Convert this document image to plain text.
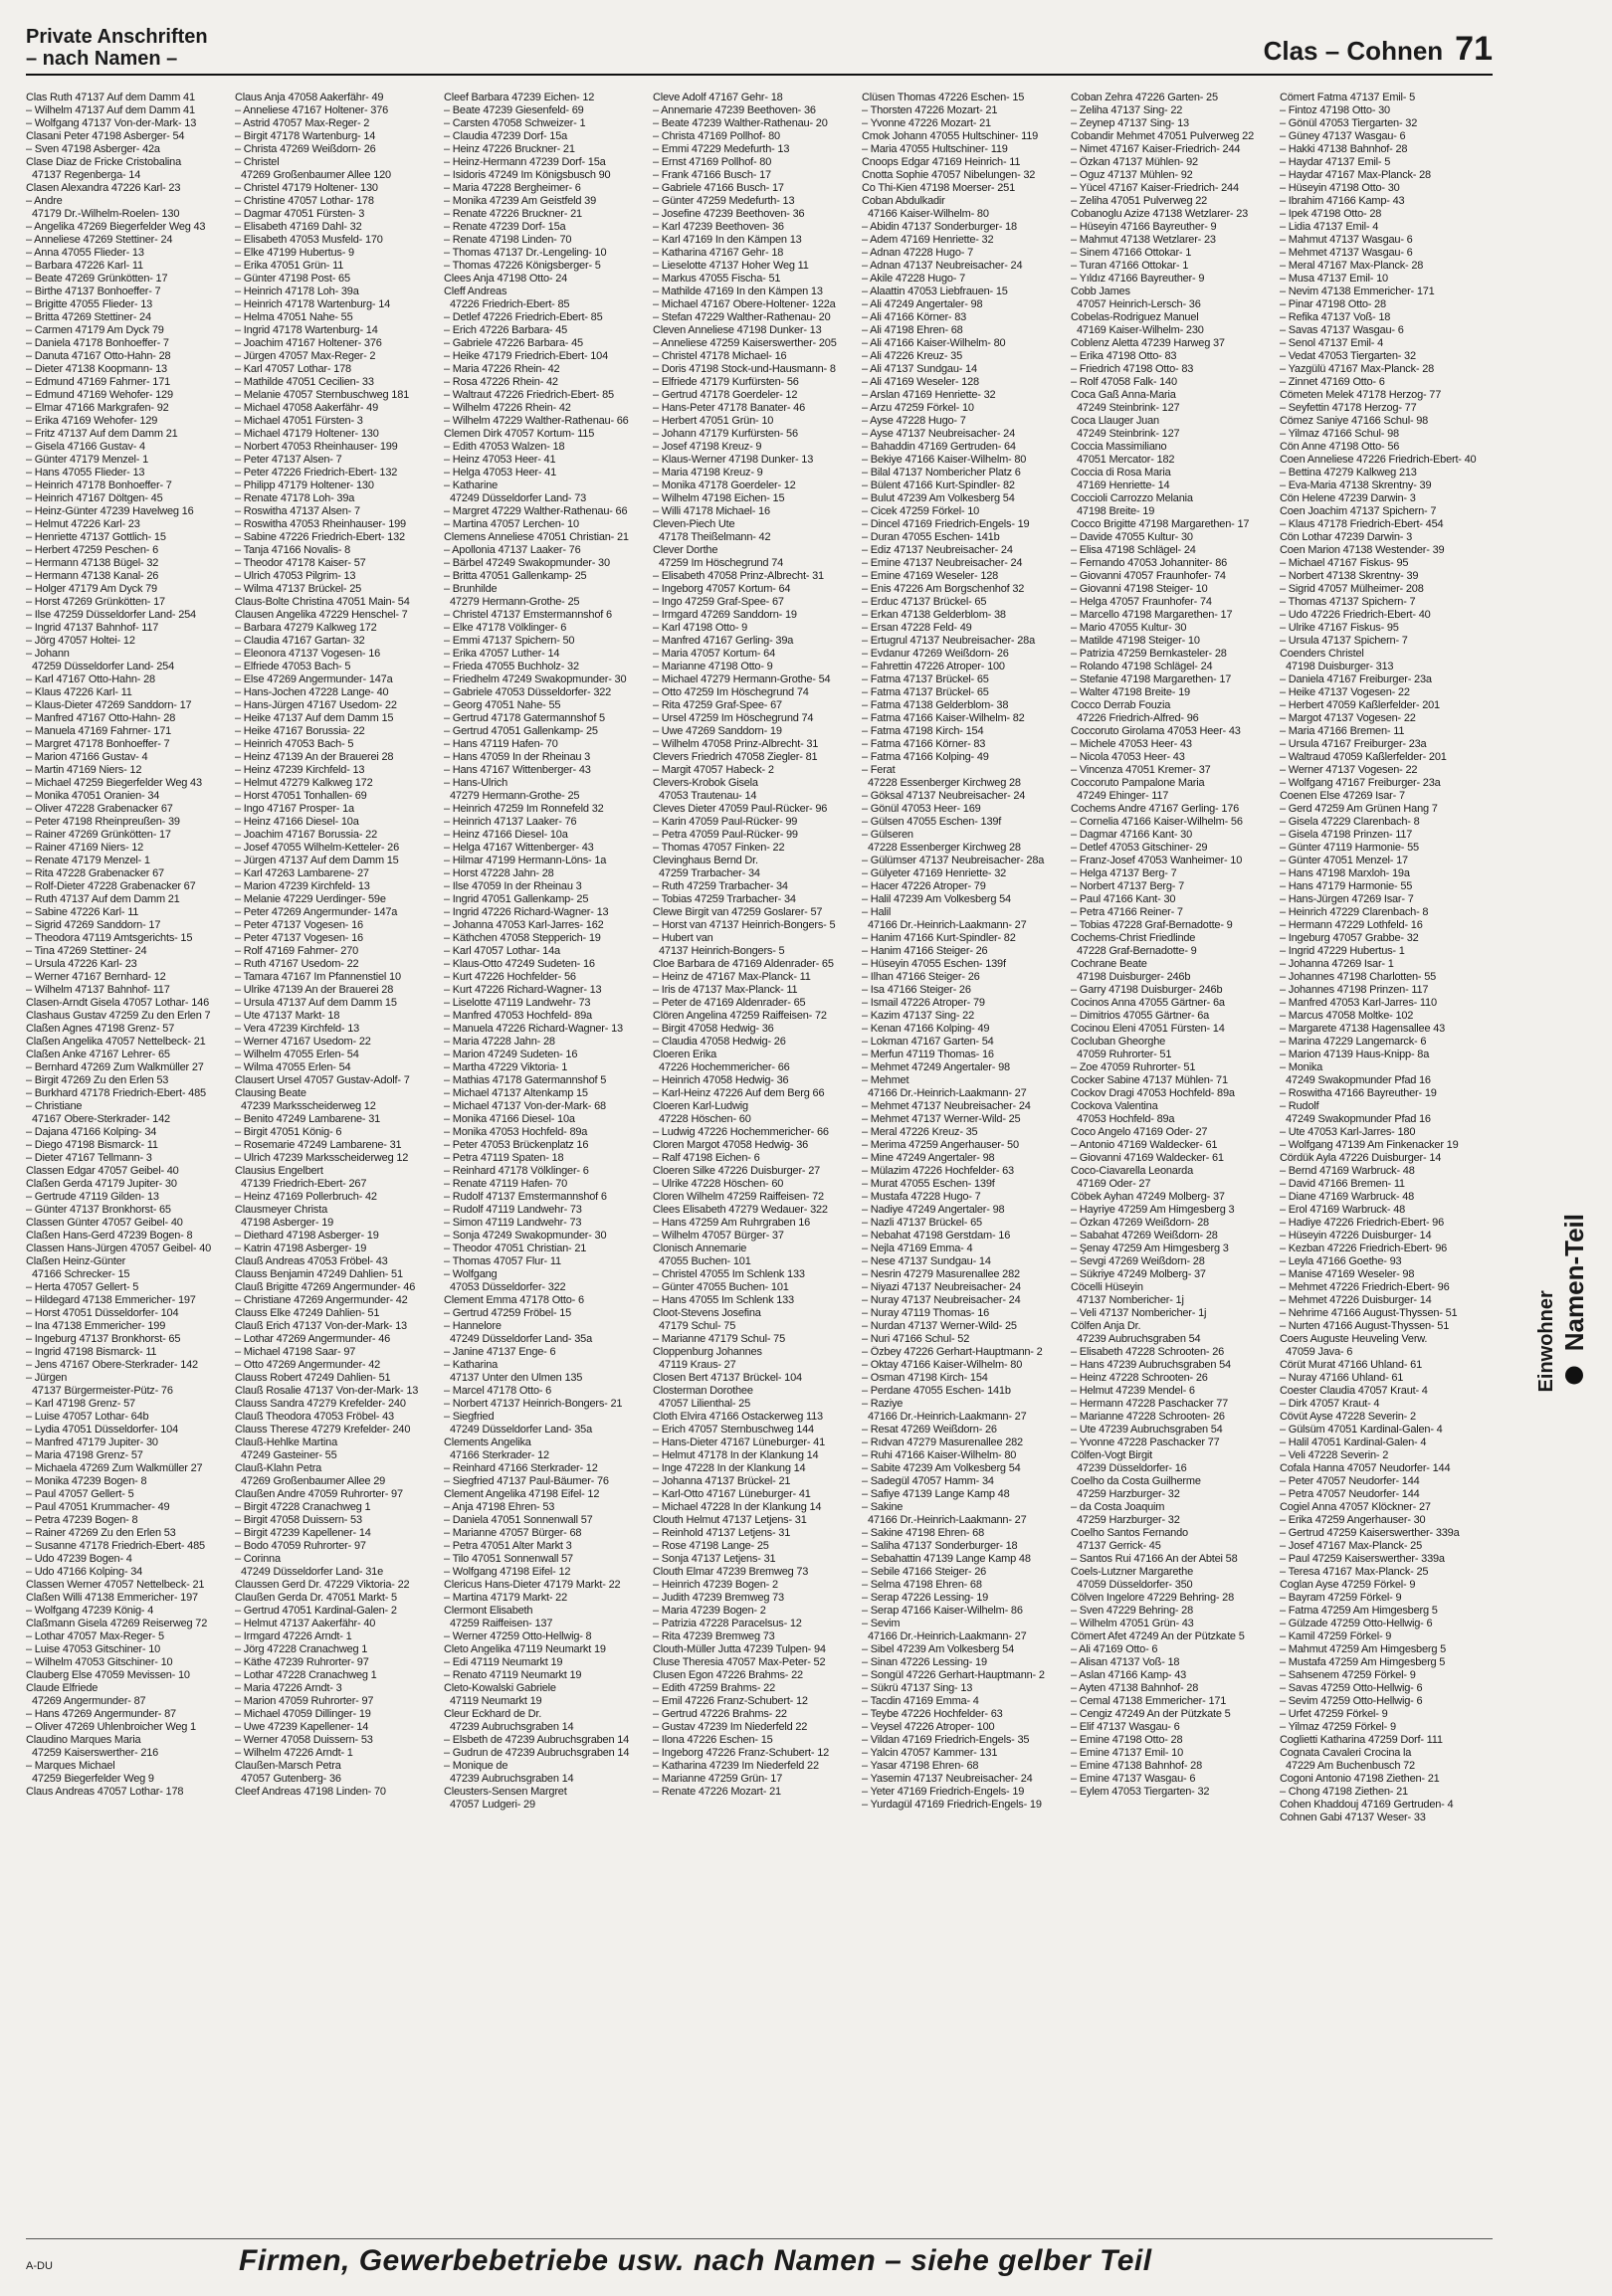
Private Anschriften
– nach Namen –	Clas – Cohnen 71
Clas Ruth 47137 Auf dem Damm 41
– Wilhelm 47137 Auf dem Damm 41
– Wolfgang 47137 Von-der-Mark- 13
Clasani Peter 47198 Asberger- 54
– Sven 47198 Asberger- 42a
Clase Diaz de Fricke Cristobalina
47137 Regenberga- 14
Clasen Alexandra 47226 Karl- 23
– Andre
47179 Dr.-Wilhelm-Roelen- 130
– Angelika 47269 Biegerfelder Weg 43
– Anneliese 47269 Stettiner- 24
– Anna 47055 Flieder- 13
– Barbara 47226 Karl- 11
– Beate 47269 Grünkötten- 17
– Birthe 47137 Bonhoeffer- 7
– Brigitte 47055 Flieder- 13
– Britta 47269 Stettiner- 24
– Carmen 47179 Am Dyck 79
– Daniela 47178 Bonhoeffer- 7
– Danuta 47167 Otto-Hahn- 28
– Dieter 47138 Koopmann- 13
– Edmund 47169 Fahrner- 171
– Edmund 47169 Wehofer- 129
– Elmar 47166 Markgrafen- 92
– Erika 47169 Wehofer- 129
– Fritz 47137 Auf dem Damm 21
– Gisela 47166 Gustav- 4
– Günter 47179 Menzel- 1
– Hans 47055 Flieder- 13
– Heinrich 47178 Bonhoeffer- 7
– Heinrich 47167 Döltgen- 45
– Heinz-Günter 47239 Havelweg 16
– Helmut 47226 Karl- 23
– Henriette 47137 Gottlich- 15
– Herbert 47259 Peschen- 6
– Hermann 47138 Bügel- 32
– Hermann 47138 Kanal- 26
– Holger 47179 Am Dyck 79
– Horst 47269 Grünkötten- 17
– Ilse 47259 Düsseldorfer Land- 254
– Ingrid 47137 Bahnhof- 117
– Jörg 47057 Holtei- 12
– Johann
47259 Düsseldorfer Land- 254
– Karl 47167 Otto-Hahn- 28
– Klaus 47226 Karl- 11
– Klaus-Dieter 47269 Sanddorn- 17
– Manfred 47167 Otto-Hahn- 28
– Manuela 47169 Fahrner- 171
– Margret 47178 Bonhoeffer- 7
– Marion 47166 Gustav- 4
– Martin 47169 Niers- 12
– Michael 47259 Biegerfelder Weg 43
– Monika 47051 Oranien- 34
– Oliver 47228 Grabenacker 67
– Peter 47198 Rheinpreußen- 39
– Rainer 47269 Grünkötten- 17
– Rainer 47169 Niers- 12
– Renate 47179 Menzel- 1
– Rita 47228 Grabenacker 67
– Rolf-Dieter 47228 Grabenacker 67
– Ruth 47137 Auf dem Damm 21
– Sabine 47226 Karl- 11
– Sigrid 47269 Sanddorn- 17
– Theodora 47119 Amtsgerichts- 15
– Tina 47269 Stettiner- 24
– Ursula 47226 Karl- 23
– Werner 47167 Bernhard- 12
– Wilhelm 47137 Bahnhof- 117
Clasen-Arndt Gisela 47057 Lothar- 146
Clashaus Gustav 47259 Zu den Erlen 7
Claßen Agnes 47198 Grenz- 57
Claßen Angelika 47057 Nettelbeck- 21
Claßen Anke 47167 Lehrer- 65
– Bernhard 47269 Zum Walkmüller 27
– Birgit 47269 Zu den Erlen 53
– Burkhard 47178 Friedrich-Ebert- 485
– Christiane
47167 Obere-Sterkrader- 142
– Dajana 47166 Kolping- 34
– Diego 47198 Bismarck- 11
– Dieter 47167 Tellmann- 3
Classen Edgar 47057 Geibel- 40
Claßen Gerda 47179 Jupiter- 30
– Gertrude 47119 Gilden- 13
– Günter 47137 Bronkhorst- 65
Classen Günter 47057 Geibel- 40
Claßen Hans-Gerd 47239 Bogen- 8
Classen Hans-Jürgen 47057 Geibel- 40
Claßen Heinz-Günter
47166 Schrecker- 15
– Herta 47057 Gellert- 5
– Hildegard 47138 Emmericher- 197
– Horst 47051 Düsseldorfer- 104
– Ina 47138 Emmericher- 199
– Ingeburg 47137 Bronkhorst- 65
– Ingrid 47198 Bismarck- 11
– Jens 47167 Obere-Sterkrader- 142
– Jürgen
47137 Bürgermeister-Pütz- 76
– Karl 47198 Grenz- 57
– Luise 47057 Lothar- 64b
– Lydia 47051 Düsseldorfer- 104
– Manfred 47179 Jupiter- 30
– Maria 47198 Grenz- 57
– Michaela 47269 Zum Walkmüller 27
– Monika 47239 Bogen- 8
– Paul 47057 Gellert- 5
– Paul 47051 Krummacher- 49
– Petra 47239 Bogen- 8
– Rainer 47269 Zu den Erlen 53
– Susanne 47178 Friedrich-Ebert- 485
– Udo 47239 Bogen- 4
– Udo 47166 Kolping- 34
Classen Werner 47057 Nettelbeck- 21
Claßen Willi 47138 Emmericher- 197
– Wolfgang 47239 König- 4
Claßmann Gisela 47269 Reiserweg 72
– Lothar 47057 Max-Reger- 5
– Luise 47053 Gitschiner- 10
– Wilhelm 47053 Gitschiner- 10
Clauberg Else 47059 Mevissen- 10
Claude Elfriede
47269 Angermunder- 87
– Hans 47269 Angermunder- 87
– Oliver 47269 Uhlenbroicher Weg 1
Claudino Marques Maria
47259 Kaiserswerther- 216
– Marques Michael
47259 Biegerfelder Weg 9
Claus Andreas 47057 Lothar- 178
Claus Anja 47058 Aakerfähr- 49
– Anneliese 47167 Holtener- 376
– Astrid 47057 Max-Reger- 2
– Birgit 47178 Wartenburg- 14
– Christa 47269 Weißdorn- 26
– Christel
47269 Großenbaumer Allee 120
– Christel 47179 Holtener- 130
– Christine 47057 Lothar- 178
– Dagmar 47051 Fürsten- 3
– Elisabeth 47169 Dahl- 32
– Elisabeth 47053 Musfeld- 170
– Elke 47199 Hubertus- 9
– Erika 47051 Grün- 11
– Günter 47198 Post- 65
– Heinrich 47178 Loh- 39a
– Heinrich 47178 Wartenburg- 14
– Helma 47051 Nahe- 55
– Ingrid 47178 Wartenburg- 14
– Joachim 47167 Holtener- 376
– Jürgen 47057 Max-Reger- 2
– Karl 47057 Lothar- 178
– Mathilde 47051 Cecilien- 33
– Melanie 47057 Sternbuschweg 181
– Michael 47058 Aakerfähr- 49
– Michael 47051 Fürsten- 3
– Michael 47179 Holtener- 130
– Norbert 47053 Rheinhauser- 199
– Peter 47137 Alsen- 7
– Peter 47226 Friedrich-Ebert- 132
– Philipp 47179 Holtener- 130
– Renate 47178 Loh- 39a
– Roswitha 47137 Alsen- 7
– Roswitha 47053 Rheinhauser- 199
– Sabine 47226 Friedrich-Ebert- 132
– Tanja 47166 Novalis- 8
– Theodor 47178 Kaiser- 57
– Ulrich 47053 Pilgrim- 13
– Wilma 47137 Brückel- 25
Claus-Bolte Christina 47051 Main- 54
Clausen Angelika 47229 Henschel- 7
– Barbara 47279 Kalkweg 172
– Claudia 47167 Gartan- 32
– Eleonora 47137 Vogesen- 16
– Elfriede 47053 Bach- 5
– Else 47269 Angermunder- 147a
– Hans-Jochen 47228 Lange- 40
– Hans-Jürgen 47167 Usedom- 22
– Heike 47137 Auf dem Damm 15
– Heike 47167 Borussia- 22
– Heinrich 47053 Bach- 5
– Heinz 47139 An der Brauerei 28
– Heinz 47239 Kirchfeld- 13
– Helmut 47279 Kalkweg 172
– Horst 47051 Tonhallen- 69
– Ingo 47167 Prosper- 1a
– Heinz 47166 Diesel- 10a
– Joachim 47167 Borussia- 22
– Josef 47055 Wilhelm-Ketteler- 26
– Jürgen 47137 Auf dem Damm 15
– Karl 47263 Lambarene- 27
– Marion 47239 Kirchfeld- 13
– Melanie 47229 Uerdinger- 59e
– Peter 47269 Angermunder- 147a
– Peter 47137 Vogesen- 16
– Peter 47137 Vogesen- 16
– Rolf 47169 Fahrner- 270
– Ruth 47167 Usedom- 22
– Tamara 47167 Im Pfannenstiel 10
– Ulrike 47139 An der Brauerei 28
– Ursula 47137 Auf dem Damm 15
– Ute 47137 Markt- 18
– Vera 47239 Kirchfeld- 13
– Werner 47167 Usedom- 22
– Wilhelm 47055 Erlen- 54
– Wilma 47055 Erlen- 54
Clausert Ursel 47057 Gustav-Adolf- 7
Clausing Beate
47239 Marksscheiderweg 12
– Benito 47249 Lambarene- 31
– Birgit 47051 König- 6
– Rosemarie 47249 Lambarene- 31
– Ulrich 47239 Marksscheiderweg 12
Clausius Engelbert
47139 Friedrich-Ebert- 267
– Heinz 47169 Pollerbruch- 42
Clausmeyer Christa
47198 Asberger- 19
– Diethard 47198 Asberger- 19
– Katrin 47198 Asberger- 19
Clauß Andreas 47053 Fröbel- 43
Clauss Benjamin 47249 Dahlien- 51
Clauß Brigitte 47269 Angermunder- 46
– Christiane 47269 Angermunder- 42
Clauss Elke 47249 Dahlien- 51
Clauß Erich 47137 Von-der-Mark- 13
– Lothar 47269 Angermunder- 46
– Michael 47198 Saar- 97
– Otto 47269 Angermunder- 42
Clauss Robert 47249 Dahlien- 51
Clauß Rosalie 47137 Von-der-Mark- 13
Clauss Sandra 47279 Krefelder- 240
Clauß Theodora 47053 Fröbel- 43
Clauss Therese 47279 Krefelder- 240
Clauß-Hehlke Martina
47249 Gasteiner- 55
Clauß-Klahn Petra
47269 Großenbaumer Allee 29
Claußen Andre 47059 Ruhrorter- 97
– Birgit 47228 Cranachweg 1
– Birgit 47058 Duissern- 53
– Birgit 47239 Kapellener- 14
– Bodo 47059 Ruhrorter- 97
– Corinna
47249 Düsseldorfer Land- 31e
Claussen Gerd Dr. 47229 Viktoria- 22
Claußen Gerda Dr. 47051 Markt- 5
– Gertrud 47051 Kardinal-Galen- 2
– Helmut 47137 Aakerfähr- 40
– Irmgard 47226 Arndt- 1
– Jörg 47228 Cranachweg 1
– Käthe 47239 Ruhrorter- 97
– Lothar 47228 Cranachweg 1
– Maria 47226 Arndt- 3
– Marion 47059 Ruhrorter- 97
– Michael 47059 Dillinger- 19
– Uwe 47239 Kapellener- 14
– Werner 47058 Duissern- 53
– Wilhelm 47226 Arndt- 1
Claußen-Marsch Petra
47057 Gutenberg- 36
Cleef Andreas 47198 Linden- 70
Cleef Barbara 47239 Eichen- 12
– Beate 47239 Giesenfeld- 69
– Carsten 47058 Schweizer- 1
– Claudia 47239 Dorf- 15a
– Heinz 47226 Bruckner- 21
– Heinz-Hermann 47239 Dorf- 15a
– Isidoris 47249 Im Königsbusch 90
– Maria 47228 Bergheimer- 6
– Monika 47239 Am Geistfeld 39
– Renate 47226 Bruckner- 21
– Renate 47239 Dorf- 15a
– Renate 47198 Linden- 70
– Thomas 47137 Dr.-Lengeling- 10
– Thomas 47226 Königsberger- 5
Clees Anja 47198 Otto- 24
Cleff Andreas
47226 Friedrich-Ebert- 85
– Detlef 47226 Friedrich-Ebert- 85
– Erich 47226 Barbara- 45
– Gabriele 47226 Barbara- 45
– Heike 47179 Friedrich-Ebert- 104
– Maria 47226 Rhein- 42
– Rosa 47226 Rhein- 42
– Waltraut 47226 Friedrich-Ebert- 85
– Wilhelm 47226 Rhein- 42
– Wilhelm 47229 Walther-Rathenau- 66
Clemen Dirk 47057 Kortum- 115
– Edith 47053 Walzen- 18
– Heinz 47053 Heer- 41
– Helga 47053 Heer- 41
– Katharine
47249 Düsseldorfer Land- 73
– Margret 47229 Walther-Rathenau- 66
– Martina 47057 Lerchen- 10
Clemens Anneliese 47051 Christian- 21
– Apollonia 47137 Laaker- 76
– Bärbel 47249 Swakopmunder- 30
– Britta 47051 Gallenkamp- 25
– Brunhilde
47279 Hermann-Grothe- 25
– Christel 47137 Emstermannshof 6
– Elke 47178 Völklinger- 6
– Emmi 47137 Spichern- 50
– Erika 47057 Luther- 14
– Frieda 47055 Buchholz- 32
– Friedhelm 47249 Swakopmunder- 30
– Gabriele 47053 Düsseldorfer- 322
– Georg 47051 Nahe- 55
– Gertrud 47178 Gatermannshof 5
– Gertrud 47051 Gallenkamp- 25
– Hans 47119 Hafen- 70
– Hans 47059 In der Rheinau 3
– Hans 47167 Wittenberger- 43
– Hans-Ulrich
47279 Hermann-Grothe- 25
– Heinrich 47259 Im Ronnefeld 32
– Heinrich 47137 Laaker- 76
– Heinz 47166 Diesel- 10a
– Helga 47167 Wittenberger- 43
– Hilmar 47199 Hermann-Löns- 1a
– Horst 47228 Jahn- 28
– Ilse 47059 In der Rheinau 3
– Ingrid 47051 Gallenkamp- 25
– Ingrid 47226 Richard-Wagner- 13
– Johanna 47053 Karl-Jarres- 162
– Käthchen 47058 Stepperich- 19
– Karl 47057 Lothar- 14a
– Klaus-Otto 47249 Sudeten- 16
– Kurt 47226 Hochfelder- 56
– Kurt 47226 Richard-Wagner- 13
– Liselotte 47119 Landwehr- 73
– Manfred 47053 Hochfeld- 89a
– Manuela 47226 Richard-Wagner- 13
– Maria 47228 Jahn- 28
– Marion 47249 Sudeten- 16
– Martha 47229 Viktoria- 1
– Mathias 47178 Gatermannshof 5
– Michael 47137 Altenkamp 15
– Michael 47137 Von-der-Mark- 68
– Monika 47166 Diesel- 10a
– Monika 47053 Hochfeld- 89a
– Peter 47053 Brückenplatz 16
– Petra 47119 Spaten- 18
– Reinhard 47178 Völklinger- 6
– Renate 47119 Hafen- 70
– Rudolf 47137 Emstermannshof 6
– Rudolf 47119 Landwehr- 73
– Simon 47119 Landwehr- 73
– Sonja 47249 Swakopmunder- 30
– Theodor 47051 Christian- 21
– Thomas 47057 Flur- 11
– Wolfgang
47053 Düsseldorfer- 322
Clement Emma 47178 Otto- 6
– Gertrud 47259 Fröbel- 15
– Hannelore
47249 Düsseldorfer Land- 35a
– Janine 47137 Enge- 6
– Katharina
47137 Unter den Ulmen 135
– Marcel 47178 Otto- 6
– Norbert 47137 Heinrich-Bongers- 21
– Siegfried
47249 Düsseldorfer Land- 35a
Clements Angelika
47166 Sterkrader- 12
– Reinhard 47166 Sterkrader- 12
– Siegfried 47137 Paul-Bäumer- 76
Clement Angelika 47198 Eifel- 12
– Anja 47198 Ehren- 53
– Daniela 47051 Sonnenwall 57
– Marianne 47057 Bürger- 68
– Petra 47051 Alter Markt 3
– Tilo 47051 Sonnenwall 57
– Wolfgang 47198 Eifel- 12
Clericus Hans-Dieter 47179 Markt- 22
– Martina 47179 Markt- 22
Clermont Elisabeth
47259 Raiffeisen- 137
– Werner 47259 Otto-Hellwig- 8
Cleto Angelika 47119 Neumarkt 19
– Edi 47119 Neumarkt 19
– Renato 47119 Neumarkt 19
Cleto-Kowalski Gabriele
47119 Neumarkt 19
Cleur Eckhard de Dr.
47239 Aubruchsgraben 14
– Elsbeth de 47239 Aubruchsgraben 14
– Gudrun de 47239 Aubruchsgraben 14
– Monique de
47239 Aubruchsgraben 14
Cleusters-Sensen Margret
47057 Ludgeri- 29
Cleve Adolf 47167 Gehr- 18
– Annemarie 47239 Beethoven- 36
– Beate 47239 Walther-Rathenau- 20
– Christa 47169 Pollhof- 80
– Emmi 47229 Medefurth- 13
– Ernst 47169 Pollhof- 80
– Frank 47166 Busch- 17
– Gabriele 47166 Busch- 17
– Günter 47259 Medefurth- 13
– Josefine 47239 Beethoven- 36
– Karl 47239 Beethoven- 36
– Karl 47169 In den Kämpen 13
– Katharina 47167 Gehr- 18
– Lieselotte 47137 Hoher Weg 11
– Markus 47055 Fischa- 51
– Mathilde 47169 In den Kämpen 13
– Michael 47167 Obere-Holtener- 122a
– Stefan 47229 Walther-Rathenau- 20
Cleven Anneliese 47198 Dunker- 13
– Anneliese 47259 Kaiserswerther- 205
– Christel 47178 Michael- 16
– Doris 47198 Stock-und-Hausmann- 8
– Elfriede 47179 Kurfürsten- 56
– Gertrud 47178 Goerdeler- 12
– Hans-Peter 47178 Banater- 46
– Herbert 47051 Grün- 10
– Johann 47179 Kurfürsten- 56
– Josef 47198 Kreuz- 9
– Klaus-Werner 47198 Dunker- 13
– Maria 47198 Kreuz- 9
– Monika 47178 Goerdeler- 12
– Wilhelm 47198 Eichen- 15
– Willi 47178 Michael- 16
Cleven-Piech Ute
47178 Theißelmann- 42
Clever Dorthe
47259 Im Höschegrund 74
– Elisabeth 47058 Prinz-Albrecht- 31
– Ingeborg 47057 Kortum- 64
– Ingo 47259 Graf-Spee- 67
– Irmgard 47269 Sanddorn- 19
– Karl 47198 Otto- 9
– Manfred 47167 Gerling- 39a
– Maria 47057 Kortum- 64
– Marianne 47198 Otto- 9
– Michael 47279 Hermann-Grothe- 54
– Otto 47259 Im Höschegrund 74
– Rita 47259 Graf-Spee- 67
– Ursel 47259 Im Höschegrund 74
– Uwe 47269 Sanddorn- 19
– Wilhelm 47058 Prinz-Albrecht- 31
Clevers Friedrich 47058 Ziegler- 81
– Margit 47057 Habeck- 2
Clevers-Krobok Gisela
47053 Trautenau- 14
Cleves Dieter 47059 Paul-Rücker- 96
– Karin 47059 Paul-Rücker- 99
– Petra 47059 Paul-Rücker- 99
– Thomas 47057 Finken- 22
Clevinghaus Bernd Dr.
47259 Trarbacher- 34
– Ruth 47259 Trarbacher- 34
– Tobias 47259 Trarbacher- 34
Clewe Birgit van 47259 Goslarer- 57
– Horst van 47137 Heinrich-Bongers- 5
– Hubert van
47137 Heinrich-Bongers- 5
Cloe Barbara de 47169 Aldenrader- 65
– Heinz de 47167 Max-Planck- 11
– Iris de 47137 Max-Planck- 11
– Peter de 47169 Aldenrader- 65
Clören Angelina 47259 Raiffeisen- 72
– Birgit 47058 Hedwig- 36
– Claudia 47058 Hedwig- 26
Cloeren Erika
47226 Hochemmericher- 66
– Heinrich 47058 Hedwig- 36
– Karl-Heinz 47226 Auf dem Berg 66
Cloeren Karl-Ludwig
47228 Höschen- 60
– Ludwig 47226 Hochemmericher- 66
Cloren Margot 47058 Hedwig- 36
– Ralf 47198 Eichen- 6
Cloeren Silke 47226 Duisburger- 27
– Ulrike 47228 Höschen- 60
Cloren Wilhelm 47259 Raiffeisen- 72
Clees Elisabeth 47279 Wedauer- 322
– Hans 47259 Am Ruhrgraben 16
– Wilhelm 47057 Bürger- 37
Clonisch Annemarie
47055 Buchen- 101
– Christel 47055 Im Schlenk 133
– Günter 47055 Buchen- 101
– Hans 47055 Im Schlenk 133
Cloot-Stevens Josefina
47179 Schul- 75
– Marianne 47179 Schul- 75
Cloppenburg Johannes
47119 Kraus- 27
Closen Bert 47137 Brückel- 104
Closterman Dorothee
47057 Lilienthal- 25
Cloth Elvira 47166 Ostackerweg 113
– Erich 47057 Sternbuschweg 144
– Hans-Dieter 47167 Lüneburger- 41
– Helmut 47178 In der Klankung 14
– Inge 47228 In der Klankung 14
– Johanna 47137 Brückel- 21
– Karl-Otto 47167 Lüneburger- 41
– Michael 47228 In der Klankung 14
Clouth Helmut 47137 Letjens- 31
– Reinhold 47137 Letjens- 31
– Rose 47198 Lange- 25
– Sonja 47137 Letjens- 31
Clouth Elmar 47239 Bremweg 73
– Heinrich 47239 Bogen- 2
– Judith 47239 Bremweg 73
– Maria 47239 Bogen- 2
– Patrizia 47228 Paracelsus- 12
– Rita 47239 Bremweg 73
Clouth-Müller Jutta 47239 Tulpen- 94
Cluse Theresia 47057 Max-Peter- 52
Clusen Egon 47226 Brahms- 22
– Edith 47259 Brahms- 22
– Emil 47226 Franz-Schubert- 12
– Gertrud 47226 Brahms- 22
– Gustav 47239 Im Niederfeld 22
– Ilona 47226 Eschen- 15
– Ingeborg 47226 Franz-Schubert- 12
– Katharina 47239 Im Niederfeld 22
– Marianne 47259 Grün- 17
– Renate 47226 Mozart- 21
Clüsen Thomas 47226 Eschen- 15
– Thorsten 47226 Mozart- 21
– Yvonne 47226 Mozart- 21
Cmok Johann 47055 Hultschiner- 119
– Maria 47055 Hultschiner- 119
Cnoops Edgar 47169 Heinrich- 11
Cnotta Sophie 47057 Nibelungen- 32
Co Thi-Kien 47198 Moerser- 251
Coban Abdulkadir
47166 Kaiser-Wilhelm- 80
– Abidin 47137 Sonderburger- 18
– Adem 47169 Henriette- 32
– Adnan 47228 Hugo- 7
– Adnan 47137 Neubreisacher- 24
– Akile 47228 Hugo- 7
– Alaattin 47053 Liebfrauen- 15
– Ali 47249 Angertaler- 98
– Ali 47166 Körner- 83
– Ali 47198 Ehren- 68
– Ali 47166 Kaiser-Wilhelm- 80
– Ali 47226 Kreuz- 35
– Ali 47137 Sundgau- 14
– Ali 47169 Weseler- 128
– Arslan 47169 Henriette- 32
– Arzu 47259 Förkel- 10
– Ayse 47228 Hugo- 7
– Ayse 47137 Neubreisacher- 24
– Bahaddin 47169 Gertruden- 64
– Bekiye 47166 Kaiser-Wilhelm- 80
– Bilal 47137 Nombericher Platz 6
– Bülent 47166 Kurt-Spindler- 82
– Bulut 47239 Am Volkesberg 54
– Cicek 47259 Förkel- 10
– Dincel 47169 Friedrich-Engels- 19
– Duran 47055 Eschen- 141b
– Ediz 47137 Neubreisacher- 24
– Emine 47137 Neubreisacher- 24
– Emine 47169 Weseler- 128
– Enis 47226 Am Borgschenhof 32
– Erduc 47137 Brückel- 65
– Erkan 47138 Gelderblom- 38
– Ersan 47228 Feld- 49
– Ertugrul 47137 Neubreisacher- 28a
– Evdanur 47269 Weißdorn- 26
– Fahrettin 47226 Atroper- 100
– Fatma 47137 Brückel- 65
– Fatma 47137 Brückel- 65
– Fatma 47138 Gelderblom- 38
– Fatma 47166 Kaiser-Wilhelm- 82
– Fatma 47198 Kirch- 154
– Fatma 47166 Körner- 83
– Fatma 47166 Kolping- 49
– Ferat
47228 Essenberger Kirchweg 28
– Göksal 47137 Neubreisacher- 24
– Gönül 47053 Heer- 169
– Gülsen 47055 Eschen- 139f
– Gülseren
47228 Essenberger Kirchweg 28
– Gülümser 47137 Neubreisacher- 28a
– Gülyeter 47169 Henriette- 32
– Hacer 47226 Atroper- 79
– Halil 47239 Am Volkesberg 54
– Halil
47166 Dr.-Heinrich-Laakmann- 27
– Hanim 47166 Kurt-Spindler- 82
– Hanim 47166 Steiger- 26
– Hüseyin 47055 Eschen- 139f
– Ilhan 47166 Steiger- 26
– Isa 47166 Steiger- 26
– Ismail 47226 Atroper- 79
– Kazim 47137 Sing- 22
– Kenan 47166 Kolping- 49
– Lokman 47167 Garten- 54
– Merfun 47119 Thomas- 16
– Mehmet 47249 Angertaler- 98
– Mehmet
47166 Dr.-Heinrich-Laakmann- 27
– Mehmet 47137 Neubreisacher- 24
– Mehmet 47137 Werner-Wild- 25
– Meral 47226 Kreuz- 35
– Merima 47259 Angerhauser- 50
– Mine 47249 Angertaler- 98
– Mülazim 47226 Hochfelder- 63
– Murat 47055 Eschen- 139f
– Mustafa 47228 Hugo- 7
– Nadiye 47249 Angertaler- 98
– Nazli 47137 Brückel- 65
– Nebahat 47198 Gerstdam- 16
– Nejla 47169 Emma- 4
– Nese 47137 Sundgau- 14
– Nesrin 47279 Masurenallee 282
– Niyazi 47137 Neubreisacher- 24
– Nuray 47137 Neubreisacher- 24
– Nuray 47119 Thomas- 16
– Nurdan 47137 Werner-Wild- 25
– Nuri 47166 Schul- 52
– Özbey 47226 Gerhart-Hauptmann- 2
– Oktay 47166 Kaiser-Wilhelm- 80
– Osman 47198 Kirch- 154
– Perdane 47055 Eschen- 141b
– Raziye
47166 Dr.-Heinrich-Laakmann- 27
– Resat 47269 Weißdorn- 26
– Rıdvan 47279 Masurenallee 282
– Ruhi 47166 Kaiser-Wilhelm- 80
– Sabite 47239 Am Volkesberg 54
– Sadegül 47057 Hamm- 34
– Safiye 47139 Lange Kamp 48
– Sakine
47166 Dr.-Heinrich-Laakmann- 27
– Sakine 47198 Ehren- 68
– Saliha 47137 Sonderburger- 18
– Sebahattin 47139 Lange Kamp 48
– Sebile 47166 Steiger- 26
– Selma 47198 Ehren- 68
– Serap 47226 Lessing- 19
– Serap 47166 Kaiser-Wilhelm- 86
– Sevim
47166 Dr.-Heinrich-Laakmann- 27
– Sibel 47239 Am Volkesberg 54
– Sinan 47226 Lessing- 19
– Songül 47226 Gerhart-Hauptmann- 2
– Sükrü 47137 Sing- 13
– Tacdin 47169 Emma- 4
– Teybe 47226 Hochfelder- 63
– Veysel 47226 Atroper- 100
– Vildan 47169 Friedrich-Engels- 35
– Yalcin 47057 Kammer- 131
– Yasar 47198 Ehren- 68
– Yasemin 47137 Neubreisacher- 24
– Yeter 47169 Friedrich-Engels- 19
– Yurdagül 47169 Friedrich-Engels- 19
Coban Zehra 47226 Garten- 25
– Zeliha 47137 Sing- 22
– Zeynep 47137 Sing- 13
Cobandir Mehmet 47051 Pulverweg 22
– Nimet 47167 Kaiser-Friedrich- 244
– Özkan 47137 Mühlen- 92
– Oguz 47137 Mühlen- 92
– Yücel 47167 Kaiser-Friedrich- 244
– Zeliha 47051 Pulverweg 22
Cobanoglu Azize 47138 Wetzlarer- 23
– Hüseyin 47166 Bayreuther- 9
– Mahmut 47138 Wetzlarer- 23
– Sinem 47166 Ottokar- 1
– Turan 47166 Ottokar- 1
– Yıldız 47166 Bayreuther- 9
Cobb James
47057 Heinrich-Lersch- 36
Cobelas-Rodriguez Manuel
47169 Kaiser-Wilhelm- 230
Coblenz Aletta 47239 Harweg 37
– Erika 47198 Otto- 83
– Friedrich 47198 Otto- 83
– Rolf 47058 Falk- 140
Coca Gaß Anna-Maria
47249 Steinbrink- 127
Coca Llauger Juan
47249 Steinbrink- 127
Coccia Massimiliano
47051 Mercator- 182
Coccia di Rosa Maria
47169 Henriette- 14
Coccioli Carrozzo Melania
47198 Breite- 19
Cocco Brigitte 47198 Margarethen- 17
– Davide 47055 Kultur- 30
– Elisa 47198 Schlägel- 24
– Fernando 47053 Johanniter- 86
– Giovanni 47057 Fraunhofer- 74
– Giovanni 47198 Steiger- 10
– Helga 47057 Fraunhofer- 74
– Marcello 47198 Margarethen- 17
– Mario 47055 Kultur- 30
– Matilde 47198 Steiger- 10
– Patrizia 47259 Bernkasteler- 28
– Rolando 47198 Schlägel- 24
– Stefanie 47198 Margarethen- 17
– Walter 47198 Breite- 19
Cocco Derrab Fouzia
47226 Friedrich-Alfred- 96
Coccoruto Girolama 47053 Heer- 43
– Michele 47053 Heer- 43
– Nicola 47053 Heer- 43
– Vincenza 47051 Kremer- 37
Coccoruto Pampalone Maria
47249 Ehinger- 117
Cochems Andre 47167 Gerling- 176
– Cornelia 47166 Kaiser-Wilhelm- 56
– Dagmar 47166 Kant- 30
– Detlef 47053 Gitschiner- 29
– Franz-Josef 47053 Wanheimer- 10
– Helga 47137 Berg- 7
– Norbert 47137 Berg- 7
– Paul 47166 Kant- 30
– Petra 47166 Reiner- 7
– Tobias 47228 Graf-Bernadotte- 9
Cochems-Christ Friedlinde
47228 Graf-Bernadotte- 9
Cochrane Beate
47198 Duisburger- 246b
– Garry 47198 Duisburger- 246b
Cocinos Anna 47055 Gärtner- 6a
– Dimitrios 47055 Gärtner- 6a
Cocinou Eleni 47051 Fürsten- 14
Cocluban Gheorghe
47059 Ruhrorter- 51
– Zoe 47059 Ruhrorter- 51
Cocker Sabine 47137 Mühlen- 71
Cockov Dragi 47053 Hochfeld- 89a
Cockova Valentina
47053 Hochfeld- 89a
Coco Angelo 47169 Oder- 27
– Antonio 47169 Waldecker- 61
– Giovanni 47169 Waldecker- 61
Coco-Ciavarella Leonarda
47169 Oder- 27
Cöbek Ayhan 47249 Molberg- 37
– Hayriye 47259 Am Himgesberg 3
– Özkan 47269 Weißdorn- 28
– Sabahat 47269 Weißdorn- 28
– Şenay 47259 Am Himgesberg 3
– Sevgi 47269 Weißdorn- 28
– Sükriye 47249 Molberg- 37
Cöcelli Hüseyin
47137 Nombericher- 1j
– Veli 47137 Nombericher- 1j
Cölfen Anja Dr.
47239 Aubruchsgraben 54
– Elisabeth 47228 Schrooten- 26
– Hans 47239 Aubruchsgraben 54
– Heinz 47228 Schrooten- 26
– Helmut 47239 Mendel- 6
– Hermann 47228 Paschacker 77
– Marianne 47228 Schrooten- 26
– Ute 47239 Aubruchsgraben 54
– Yvonne 47228 Paschacker 77
Cölfen-Vogt Birgit
47239 Düsseldorfer- 16
Coelho da Costa Guilherme
47259 Harzburger- 32
– da Costa Joaquim
47259 Harzburger- 32
Coelho Santos Fernando
47137 Gerrick- 45
– Santos Rui 47166 An der Abtei 58
Coels-Lutzner Margarethe
47059 Düsseldorfer- 350
Cölven Ingelore 47229 Behring- 28
– Sven 47229 Behring- 28
– Wilhelm 47051 Grün- 43
Cömert Afet 47249 An der Pützkate 5
– Ali 47169 Otto- 6
– Alisan 47137 Voß- 18
– Aslan 47166 Kamp- 43
– Ayten 47138 Bahnhof- 28
– Cemal 47138 Emmericher- 171
– Cengiz 47249 An der Pützkate 5
– Elif 47137 Wasgau- 6
– Emine 47198 Otto- 28
– Emine 47137 Emil- 10
– Emine 47138 Bahnhof- 28
– Emine 47137 Wasgau- 6
– Eylem 47053 Tiergarten- 32
Cömert Fatma 47137 Emil- 5
– Fintoz 47198 Otto- 30
– Gönül 47053 Tiergarten- 32
– Güney 47137 Wasgau- 6
– Hakki 47138 Bahnhof- 28
– Haydar 47137 Emil- 5
– Haydar 47167 Max-Planck- 28
– Hüseyin 47198 Otto- 30
– Ibrahim 47166 Kamp- 43
– Ipek 47198 Otto- 28
– Lidia 47137 Emil- 4
– Mahmut 47137 Wasgau- 6
– Mehmet 47137 Wasgau- 6
– Meral 47167 Max-Planck- 28
– Musa 47137 Emil- 10
– Nevim 47138 Emmericher- 171
– Pinar 47198 Otto- 28
– Refika 47137 Voß- 18
– Savas 47137 Wasgau- 6
– Senol 47137 Emil- 4
– Vedat 47053 Tiergarten- 32
– Yazgülü 47167 Max-Planck- 28
– Zinnet 47169 Otto- 6
Cömeten Melek 47178 Herzog- 77
– Seyfettin 47178 Herzog- 77
Cömez Saniye 47166 Schul- 98
– Yilmaz 47166 Schul- 98
Cön Anne 47198 Otto- 56
Coen Anneliese 47226 Friedrich-Ebert- 40
– Bettina 47279 Kalkweg 213
– Eva-Maria 47138 Skrentny- 39
Cön Helene 47239 Darwin- 3
Coen Joachim 47137 Spichern- 7
– Klaus 47178 Friedrich-Ebert- 454
Cön Lothar 47239 Darwin- 3
Coen Marion 47138 Westender- 39
– Michael 47167 Fiskus- 95
– Norbert 47138 Skrentny- 39
– Sigrid 47057 Mülheimer- 208
– Thomas 47137 Spichern- 7
– Udo 47226 Friedrich-Ebert- 40
– Ulrike 47167 Fiskus- 95
– Ursula 47137 Spichern- 7
Coenders Christel
47198 Duisburger- 313
– Daniela 47167 Freiburger- 23a
– Heike 47137 Vogesen- 22
– Herbert 47059 Kaßlerfelder- 201
– Margot 47137 Vogesen- 22
– Maria 47166 Bremen- 11
– Ursula 47167 Freiburger- 23a
– Waltraud 47059 Kaßlerfelder- 201
– Werner 47137 Vogesen- 22
– Wolfgang 47167 Freiburger- 23a
Coenen Else 47269 Isar- 7
– Gerd 47259 Am Grünen Hang 7
– Gisela 47229 Clarenbach- 8
– Gisela 47198 Prinzen- 117
– Günter 47119 Harmonie- 55
– Günter 47051 Menzel- 17
– Hans 47198 Marxloh- 19a
– Hans 47179 Harmonie- 55
– Hans-Jürgen 47269 Isar- 7
– Heinrich 47229 Clarenbach- 8
– Hermann 47229 Lothfeld- 16
– Ingeburg 47057 Grabbe- 32
– Ingrid 47229 Hubertus- 1
– Johanna 47269 Isar- 1
– Johannes 47198 Charlotten- 55
– Johannes 47198 Prinzen- 117
– Manfred 47053 Karl-Jarres- 110
– Marcus 47058 Moltke- 102
– Margarete 47138 Hagensallee 43
– Marina 47229 Langemarck- 6
– Marion 47139 Haus-Knipp- 8a
– Monika
47249 Swakopmunder Pfad 16
– Roswitha 47166 Bayreuther- 19
– Rudolf
47249 Swakopmunder Pfad 16
– Ute 47053 Karl-Jarres- 180
– Wolfgang 47139 Am Finkenacker 19
Cördük Ayla 47226 Duisburger- 14
– Bernd 47169 Warbruck- 48
– David 47166 Bremen- 11
– Diane 47169 Warbruck- 48
– Erol 47169 Warbruck- 48
– Hadiye 47226 Friedrich-Ebert- 96
– Hüseyin 47226 Duisburger- 14
– Kezban 47226 Friedrich-Ebert- 96
– Leyla 47166 Goethe- 93
– Manise 47169 Weseler- 98
– Mehmet 47226 Friedrich-Ebert- 96
– Mehmet 47226 Duisburger- 14
– Nehrime 47166 August-Thyssen- 51
– Nurten 47166 August-Thyssen- 51
Coers Auguste Heuveling Verw.
47059 Java- 6
Cörüt Murat 47166 Uhland- 61
– Nuray 47166 Uhland- 61
Coester Claudia 47057 Kraut- 4
– Dirk 47057 Kraut- 4
Cövüt Ayse 47228 Severin- 2
– Gülsüm 47051 Kardinal-Galen- 4
– Halil 47051 Kardinal-Galen- 4
– Veli 47228 Severin- 2
Cofala Hanna 47057 Neudorfer- 144
– Peter 47057 Neudorfer- 144
– Petra 47057 Neudorfer- 144
Cogiel Anna 47057 Klöckner- 27
– Erika 47259 Angerhauser- 30
– Gertrud 47259 Kaiserswerther- 339a
– Josef 47167 Max-Planck- 25
– Paul 47259 Kaiserswerther- 339a
– Teresa 47167 Max-Planck- 25
Coglan Ayse 47259 Förkel- 9
– Bayram 47259 Förkel- 9
– Fatma 47259 Am Himgesberg 5
– Gülzade 47259 Otto-Hellwig- 6
– Kamil 47259 Förkel- 9
– Mahmut 47259 Am Himgesberg 5
– Mustafa 47259 Am Himgesberg 5
– Sahsenem 47259 Förkel- 9
– Savas 47259 Otto-Hellwig- 6
– Sevim 47259 Otto-Hellwig- 6
– Urfet 47259 Förkel- 9
– Yilmaz 47259 Förkel- 9
Coglietti Katharina 47259 Dorf- 111
Cognata Cavaleri Crocina la
47229 Am Buchenbusch 72
Cogoni Antonio 47198 Ziethen- 21
– Chong 47198 Ziethen- 21
Cohen Khaddouj 47169 Gertruden- 4
Cohnen Gabi 47137 Weser- 33
Einwohner
Namen-Teil
A-DU	Firmen, Gewerbebetriebe usw. nach Namen – siehe gelber Teil
